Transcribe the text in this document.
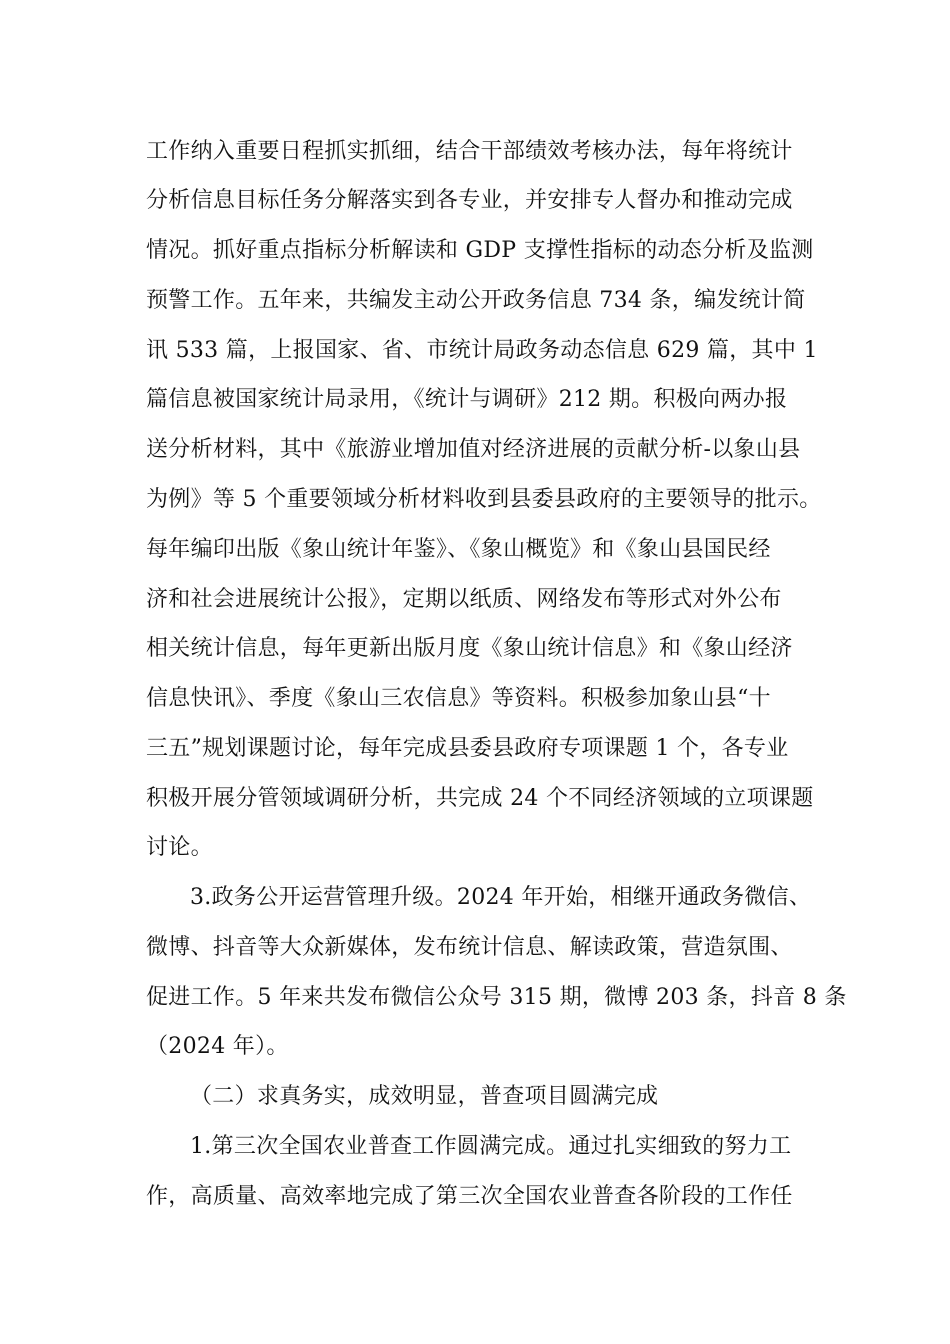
工作纳入重要日程抓实抓细，结合干部绩效考核办法，每年将统计
分析信息目标任务分解落实到各专业，并安排专人督办和推动完成
情况。抓好重点指标分析解读和 GDP 支撑性指标的动态分析及监测
预警工作。五年来，共编发主动公开政务信息 734 条，编发统计简
讯 533 篇，上报国家、省、市统计局政务动态信息 629 篇，其中 1
篇信息被国家统计局录用，《统计与调研》212 期。积极向两办报
送分析材料，其中《旅游业增加值对经济进展的贡献分析-以象山县
为例》等 5 个重要领域分析材料收到县委县政府的主要领导的批示。
每年编印出版《象山统计年鉴》、《象山概览》和《象山县国民经
济和社会进展统计公报》，定期以纸质、网络发布等形式对外公布
相关统计信息，每年更新出版月度《象山统计信息》和《象山经济
信息快讯》、季度《象山三农信息》等资料。积极参加象山县“十
三五”规划课题讨论，每年完成县委县政府专项课题 1 个，各专业
积极开展分管领域调研分析，共完成 24 个不同经济领域的立项课题
讨论。
3.政务公开运营管理升级。2024 年开始，相继开通政务微信、
微博、抖音等大众新媒体，发布统计信息、解读政策，营造氛围、
促进工作。5 年来共发布微信公众号 315 期，微博 203 条，抖音 8 条
（2024 年）。
（二）求真务实，成效明显，普查项目圆满完成
1.第三次全国农业普查工作圆满完成。通过扎实细致的努力工
作，高质量、高效率地完成了第三次全国农业普查各阶段的工作任
